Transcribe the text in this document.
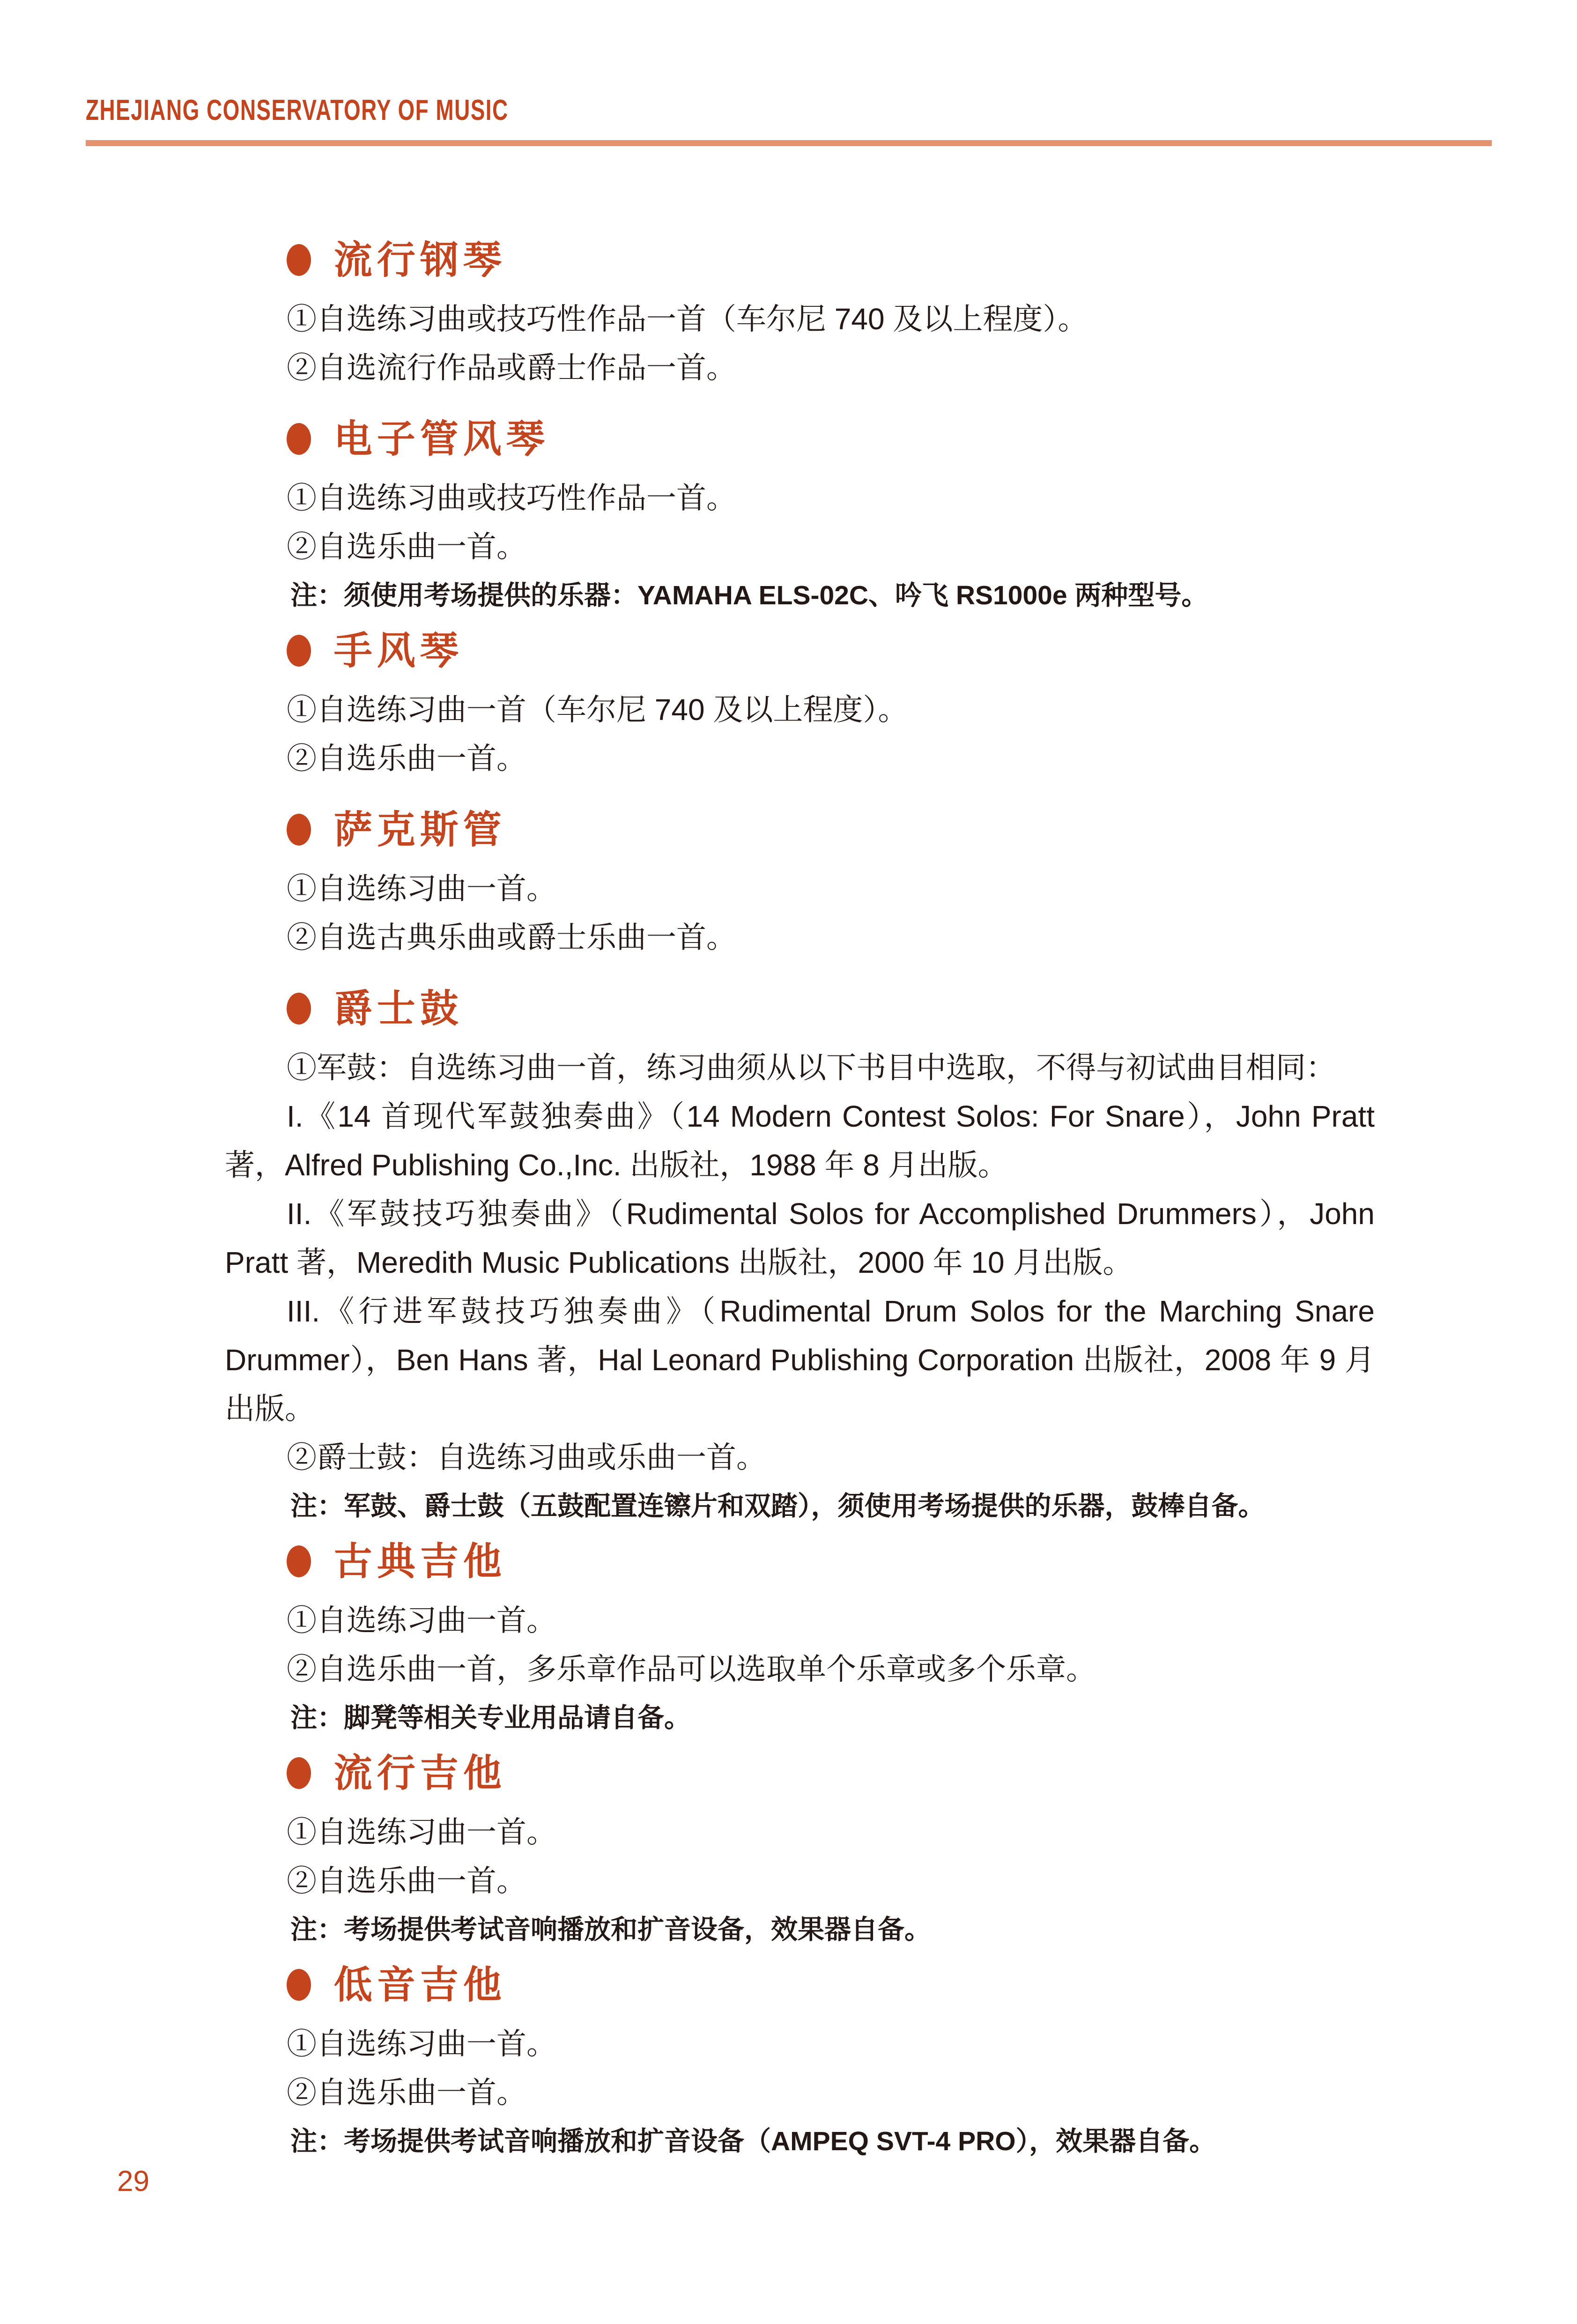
ZHEJIANG CONSERVATORY OF MUSIC
流行钢琴

①自选练习曲或技巧性作品一首（车尔尼 740 及以上程度）。

②自选流行作品或爵士作品一首。

电子管风琴

①自选练习曲或技巧性作品一首。

②自选乐曲一首。

注：须使用考场提供的乐器：YAMAHA ELS-02C、吟飞 RS1000e 两种型号。

手风琴

①自选练习曲一首（车尔尼 740 及以上程度）。

②自选乐曲一首。

萨克斯管

①自选练习曲一首。

②自选古典乐曲或爵士乐曲一首。

爵士鼓

①军鼓：自选练习曲一首，练习曲须从以下书目中选取，不得与初试曲目相同：

I.《14 首现代军鼓独奏曲》（14 Modern Contest Solos: For Snare），John Pratt 著，Alfred Publishing Co.,Inc. 出版社，1988 年 8 月出版。

II.《军鼓技巧独奏曲》（Rudimental Solos for Accomplished Drummers），John Pratt 著，Meredith Music Publications 出版社，2000 年 10 月出版。

III.《行进军鼓技巧独奏曲》（Rudimental Drum Solos for the Marching Snare Drummer），Ben Hans 著，Hal Leonard Publishing Corporation 出版社，2008 年 9 月出版。

②爵士鼓：自选练习曲或乐曲一首。

注：军鼓、爵士鼓（五鼓配置连镲片和双踏），须使用考场提供的乐器，鼓棒自备。

古典吉他

①自选练习曲一首。

②自选乐曲一首，多乐章作品可以选取单个乐章或多个乐章。

注：脚凳等相关专业用品请自备。

流行吉他

①自选练习曲一首。

②自选乐曲一首。

注：考场提供考试音响播放和扩音设备，效果器自备。

低音吉他

①自选练习曲一首。

②自选乐曲一首。

注：考场提供考试音响播放和扩音设备（AMPEQ SVT-4 PRO），效果器自备。

29
